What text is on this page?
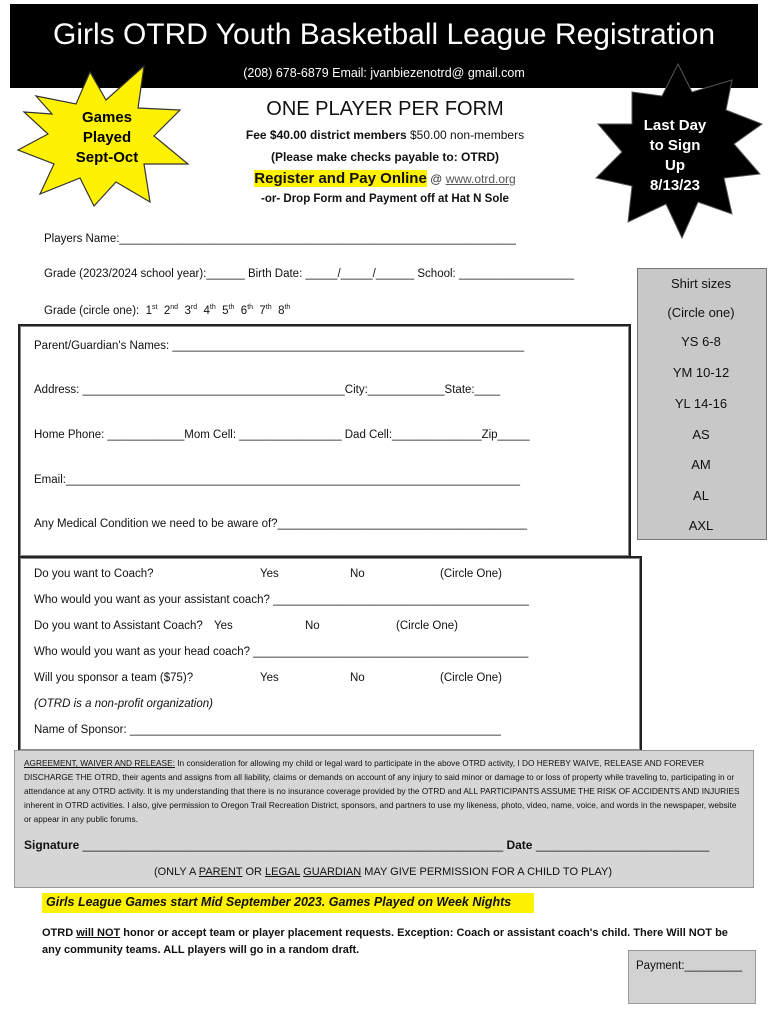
Girls OTRD Youth Basketball League Registration
(208) 678-6879 Email: jvanbiezenotrd@ gmail.com
Games
Played
Sept-Oct
Last Day
to Sign
Up
8/13/23
ONE PLAYER PER FORM
Fee $40.00 district members $50.00 non-members
(Please make checks payable to: OTRD)
Register and Pay Online @ www.otrd.org
-or- Drop Form and Payment off at Hat N Sole
Players Name:______________________________________________________________
Grade (2023/2024 school year):______ Birth Date: _____/_____/______ School: __________________
Grade (circle one): 1st 2nd 3rd 4th 5th 6th 7th 8th
Shirt sizes
(Circle one)
YS 6-8
YM 10-12
YL 14-16
AS
AM
AL
AXL
Parent/Guardian's Names: _______________________________________________________
Address: _________________________________________City:____________State:____
Home Phone: ____________Mom Cell: ________________ Dad Cell:______________Zip_____
Email:_______________________________________________________________________
Any Medical Condition we need to be aware of?_______________________________________
Do you want to Coach?	Yes	No	(Circle One)
Who would you want as your assistant coach? ________________________________________
Do you want to Assistant Coach? Yes	No	(Circle One)
Who would you want as your head coach? ___________________________________________
Will you sponsor a team ($75)?	Yes	No	(Circle One)
(OTRD is a non-profit organization)
Name of Sponsor: __________________________________________________________
AGREEMENT, WAIVER AND RELEASE: In consideration for allowing my child or legal ward to participate in the above OTRD activity, I DO HEREBY WAIVE, RELEASE AND FOREVER DISCHARGE THE OTRD, their agents and assigns from all liability, claims or demands on account of any injury to said minor or damage to or loss of property while traveling to, participating in or attendance at any OTRD activity. It is my understanding that there is no insurance coverage provided by the OTRD and ALL PARTICIPANTS ASSUME THE RISK OF ACCIDENTS AND INJURIES inherent in OTRD activities. I also, give permission to Oregon Trail Recreation District, sponsors, and partners to use my likeness, photo, video, name, voice, and words in the newspaper, website or appear in any public forums.
Signature _______________________________________________________________ Date __________________________
(ONLY A PARENT OR LEGAL GUARDIAN MAY GIVE PERMISSION FOR A CHILD TO PLAY)
Girls League Games start Mid September 2023. Games Played on Week Nights
OTRD will NOT honor or accept team or player placement requests. Exception: Coach or assistant coach's child. There Will NOT be any community teams. ALL players will go in a random draft.
Payment:_________
